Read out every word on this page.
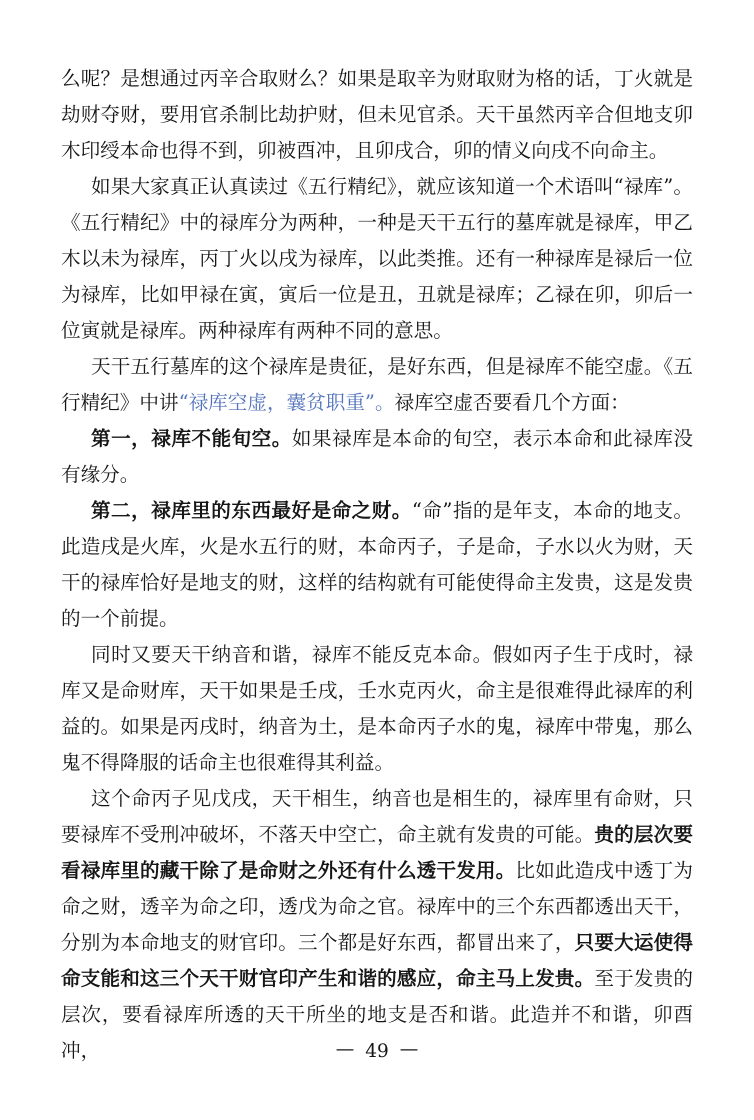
么呢？是想通过丙辛合取财么？如果是取辛为财取财为格的话，丁火就是劫财夺财，要用官杀制比劫护财，但未见官杀。天干虽然丙辛合但地支卯木印绶本命也得不到，卯被酉冲，且卯戌合，卯的情义向戌不向命主。

如果大家真正认真读过《五行精纪》，就应该知道一个术语叫“禄库”。《五行精纪》中的禄库分为两种，一种是天干五行的墓库就是禄库，甲乙木以未为禄库，丙丁火以戌为禄库，以此类推。还有一种禄库是禄后一位为禄库，比如甲禄在寅，寅后一位是丑，丑就是禄库；乙禄在卯，卯后一位寅就是禄库。两种禄库有两种不同的意思。

天干五行墓库的这个禄库是贵征，是好东西，但是禄库不能空虚。《五行精纪》中讲“禄库空虚，囊贫职重”。禄库空虚否要看几个方面：

第一，禄库不能旬空。如果禄库是本命的旬空，表示本命和此禄库没有缘分。

第二，禄库里的东西最好是命之财。“命”指的是年支，本命的地支。此造戌是火库，火是水五行的财，本命丙子，子是命，子水以火为财，天干的禄库恰好是地支的财，这样的结构就有可能使得命主发贵，这是发贵的一个前提。

同时又要天干纳音和谐，禄库不能反克本命。假如丙子生于戌时，禄库又是命财库，天干如果是壬戌，壬水克丙火，命主是很难得此禄库的利益的。如果是丙戌时，纳音为土，是本命丙子水的鬼，禄库中带鬼，那么鬼不得降服的话命主也很难得其利益。

这个命丙子见戊戌，天干相生，纳音也是相生的，禄库里有命财，只要禄库不受刑冲破坏，不落天中空亡，命主就有发贵的可能。贵的层次要看禄库里的藏干除了是命财之外还有什么透干发用。比如此造戌中透丁为命之财，透辛为命之印，透戊为命之官。禄库中的三个东西都透出天干，分别为本命地支的财官印。三个都是好东西，都冒出来了，只要大运使得命支能和这三个天干财官印产生和谐的感应，命主马上发贵。至于发贵的层次，要看禄库所透的天干所坐的地支是否和谐。此造并不和谐，卯酉冲，	— 49 —
